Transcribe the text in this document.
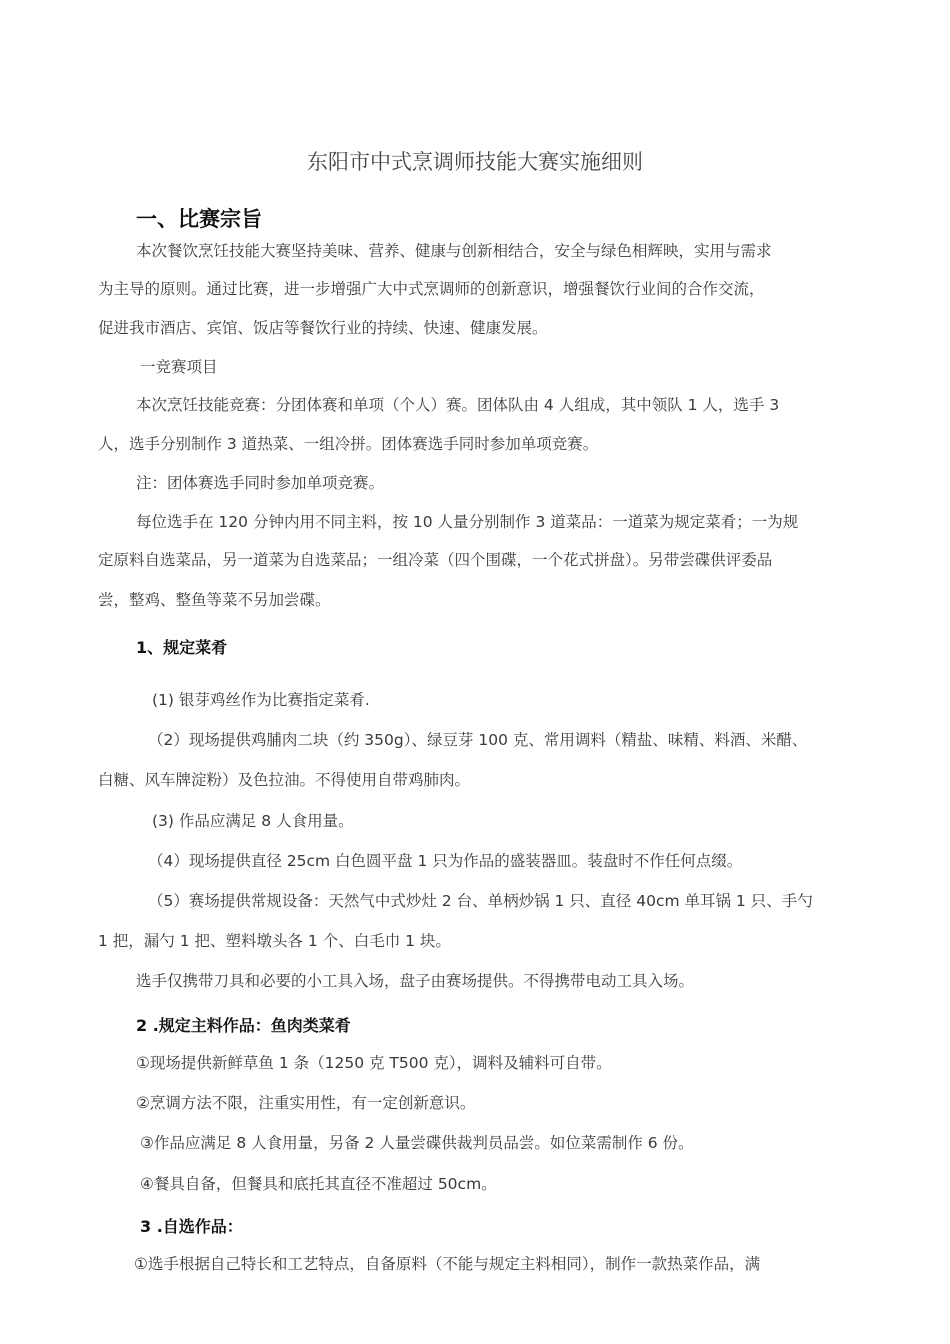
东阳市中式烹调师技能大赛实施细则
一、比赛宗旨
本次餐饮烹饪技能大赛坚持美味、营养、健康与创新相结合，安全与绿色相辉映，实用与需求
为主导的原则。通过比赛，进一步增强广大中式烹调师的创新意识，增强餐饮行业间的合作交流，
促进我市酒店、宾馆、饭店等餐饮行业的持续、快速、健康发展。
一竞赛项目
本次烹饪技能竞赛：分团体赛和单项（个人）赛。团体队由 4 人组成，其中领队 1 人，选手 3
人，选手分别制作 3 道热菜、一组冷拼。团体赛选手同时参加单项竞赛。
注：团体赛选手同时参加单项竞赛。
每位选手在 120 分钟内用不同主料，按 10 人量分别制作 3 道菜品：一道菜为规定菜肴；一为规
定原料自选菜品，另一道菜为自选菜品；一组冷菜（四个围碟，一个花式拼盘）。另带尝碟供评委品
尝，整鸡、整鱼等菜不另加尝碟。
1、规定菜肴
(1) 银芽鸡丝作为比赛指定菜肴.
（2）现场提供鸡脯肉二块（约 350g）、绿豆芽 100 克、常用调料（精盐、味精、料酒、米醋、
白糖、风车牌淀粉）及色拉油。不得使用自带鸡肺肉。
(3) 作品应满足 8 人食用量。
（4）现场提供直径 25cm 白色圆平盘 1 只为作品的盛装器皿。装盘时不作任何点缀。
（5）赛场提供常规设备：天然气中式炒灶 2 台、单柄炒锅 1 只、直径 40cm 单耳锅 1 只、手勺
1 把，漏勺 1 把、塑料墩头各 1 个、白毛巾 1 块。
选手仅携带刀具和必要的小工具入场，盘子由赛场提供。不得携带电动工具入场。
2 .规定主料作品：鱼肉类菜肴
①现场提供新鲜草鱼 1 条（1250 克 T500 克），调料及辅料可自带。
②烹调方法不限，注重实用性，有一定创新意识。
③作品应满足 8 人食用量，另备 2 人量尝碟供裁判员品尝。如位菜需制作 6 份。
④餐具自备，但餐具和底托其直径不准超过 50cm。
3 .自选作品：
①选手根据自己特长和工艺特点，自备原料（不能与规定主料相同），制作一款热菜作品，满
